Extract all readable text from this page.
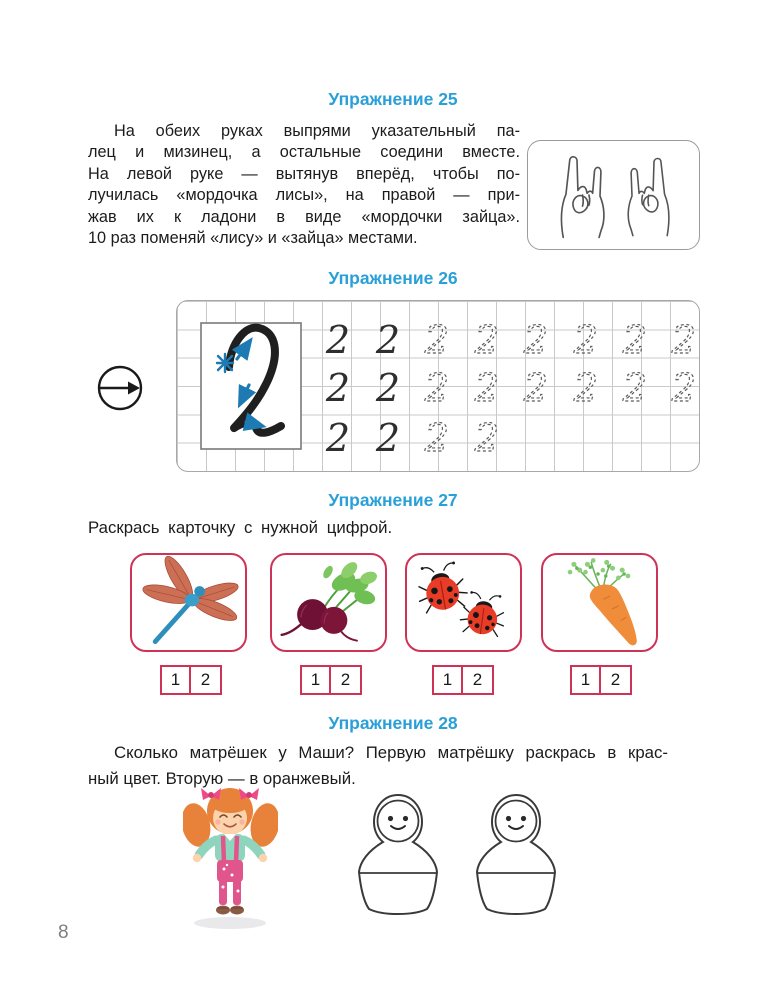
Упражнение 25
На обеих руках выпрями указательный па-
лец и мизинец, а остальные соедини вместе.
На левой руке — вытянув вперёд, чтобы по-
лучилась «мордочка лисы», на правой — при-
жав их к ладони в виде «мордочки зайца».
10 раз поменяй «лису» и «зайца» местами.
Упражнение 26
2 2 2 2 2 2 2 2
2 2 2 2 2 2 2 2
2 2 2 2
Упражнение 27
Раскрась карточку с нужной цифрой.
1	2	1	2	1	2	1	2
Упражнение 28
Сколько матрёшек у Маши? Первую матрёшку раскрась в крас-
ный цвет. Вторую — в оранжевый.
8
